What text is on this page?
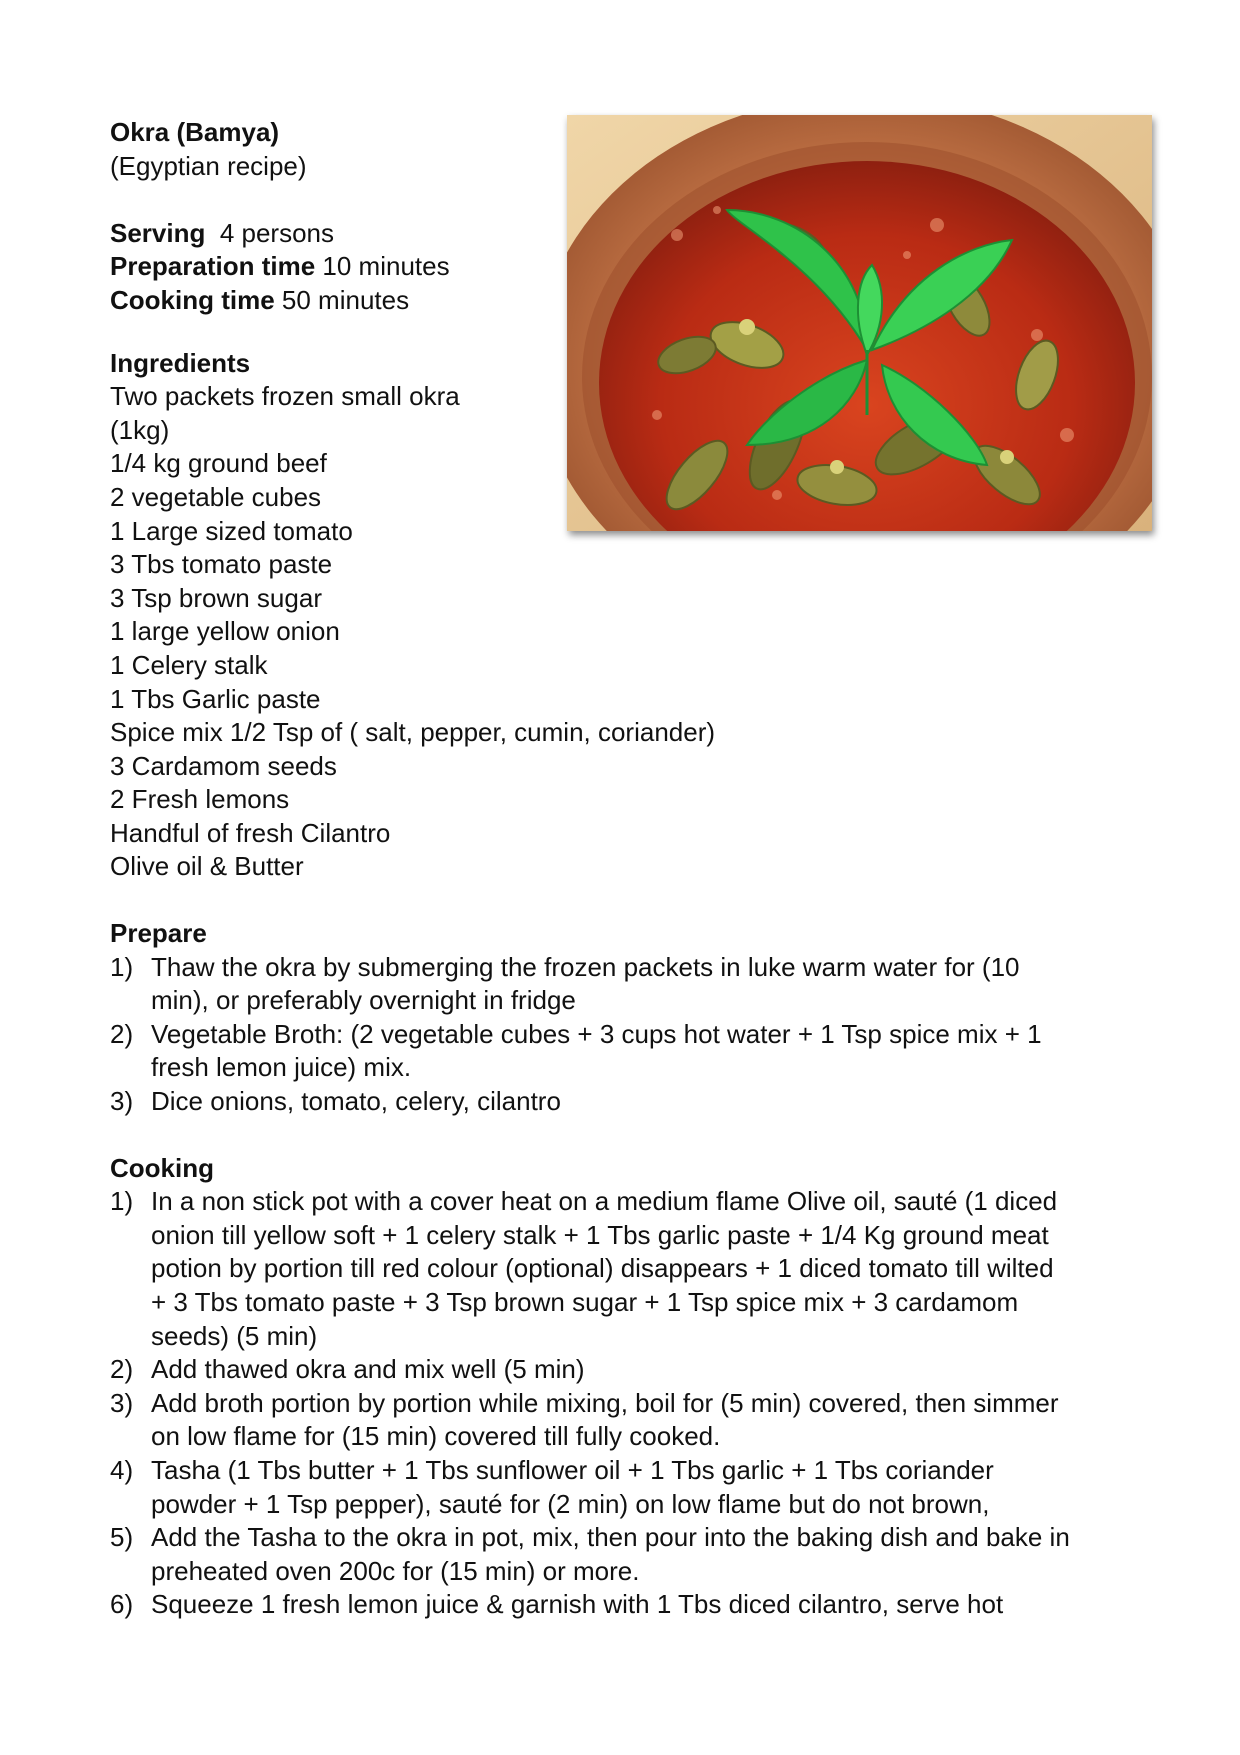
Okra (Bamya)

(Egyptian recipe)

Serving 4 persons

Preparation time 10 minutes

Cooking time 50 minutes

Ingredients

Two packets frozen small okra

(1kg)

1/4 kg ground beef

2 vegetable cubes

1 Large sized tomato

3 Tbs tomato paste

3 Tsp brown sugar

1 large yellow onion

1 Celery stalk

1 Tbs Garlic paste

Spice mix 1/2 Tsp of ( salt, pepper, cumin, coriander)

3 Cardamom seeds

2 Fresh lemons

Handful of fresh Cilantro

Olive oil & Butter

Prepare

1) Thaw the okra by submerging the frozen packets in luke warm water for (10

min), or preferably overnight in fridge

2) Vegetable Broth: (2 vegetable cubes + 3 cups hot water + 1 Tsp spice mix + 1

fresh lemon juice) mix.

3) Dice onions, tomato, celery, cilantro

Cooking

1) In a non stick pot with a cover heat on a medium flame Olive oil, sauté (1 diced

onion till yellow soft + 1 celery stalk + 1 Tbs garlic paste + 1/4 Kg ground meat

potion by portion till red colour (optional) disappears + 1 diced tomato till wilted

+ 3 Tbs tomato paste + 3 Tsp brown sugar + 1 Tsp spice mix + 3 cardamom

seeds) (5 min)

2) Add thawed okra and mix well (5 min)

3) Add broth portion by portion while mixing, boil for (5 min) covered, then simmer

on low flame for (15 min) covered till fully cooked.

4) Tasha (1 Tbs butter + 1 Tbs sunflower oil + 1 Tbs garlic + 1 Tbs coriander

powder + 1 Tsp pepper), sauté for (2 min) on low flame but do not brown,

5) Add the Tasha to the okra in pot, mix, then pour into the baking dish and bake in

preheated oven 200c for (15 min) or more.

6) Squeeze 1 fresh lemon juice & garnish with 1 Tbs diced cilantro, serve hot
